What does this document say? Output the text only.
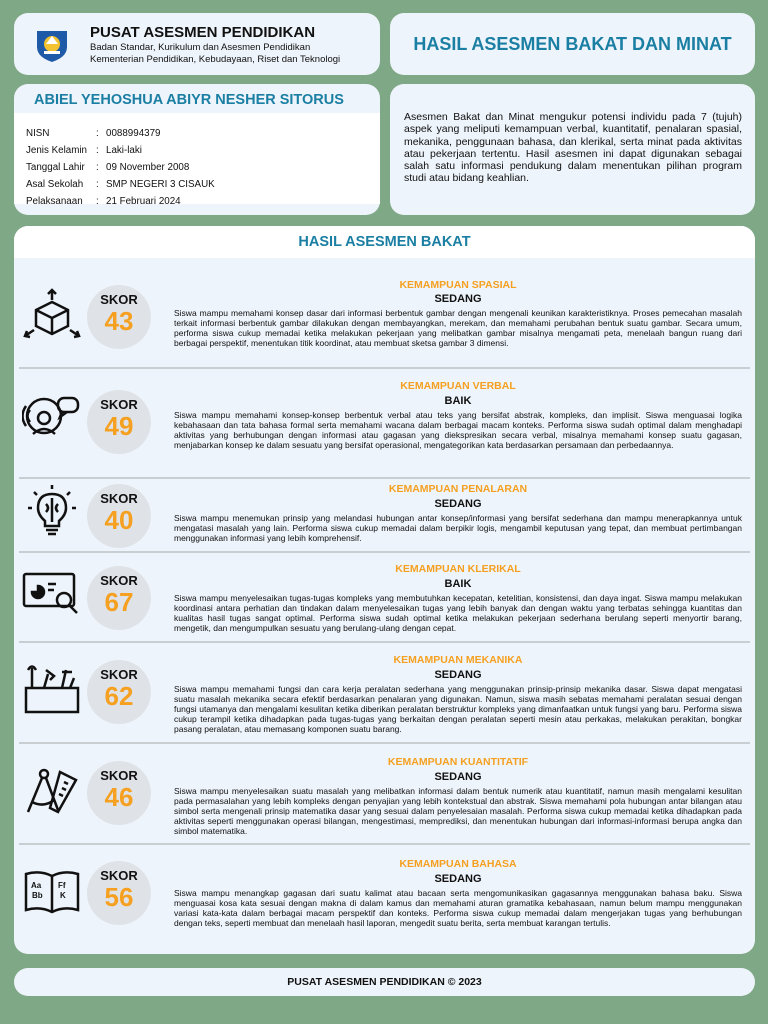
PUSAT ASESMEN PENDIDIKAN
Badan Standar, Kurikulum dan Asesmen Pendidikan
Kementerian Pendidikan, Kebudayaan, Riset dan Teknologi
HASIL ASESMEN BAKAT DAN MINAT
ABIEL YEHOSHUA ABIYR NESHER SITORUS
NISN	:	0088994379
Jenis Kelamin	:	Laki-laki
Tanggal Lahir	:	09 November 2008
Asal Sekolah	:	SMP NEGERI 3 CISAUK
Pelaksanaan	:	21 Februari 2024

Asesmen Bakat dan Minat mengukur potensi individu pada 7 (tujuh) aspek yang meliputi kemampuan verbal, kuantitatif, penalaran spasial, mekanika, penggunaan bahasa, dan klerikal, serta minat pada aktivitas atau pekerjaan tertentu. Hasil asesmen ini dapat digunakan sebagai salah satu informasi pendukung dalam menentukan pilihan program studi atau bidang keahlian.

HASIL ASESMEN BAKAT
SKOR
43
KEMAMPUAN SPASIAL
SEDANG
Siswa mampu memahami konsep dasar dari informasi berbentuk gambar dengan mengenali keunikan karakteristiknya. Proses pemecahan masalah terkait informasi berbentuk gambar dilakukan dengan membayangkan, merekam, dan memahami perubahan bentuk suatu gambar. Secara umum, performa siswa cukup memadai ketika melakukan pekerjaan yang melibatkan gambar misalnya mengamati peta, menelaah bangun ruang dari berbagai perspektif, menentukan titik koordinat, atau membuat sketsa gambar 3 dimensi.
SKOR
49
KEMAMPUAN VERBAL
BAIK
Siswa mampu memahami konsep-konsep berbentuk verbal atau teks yang bersifat abstrak, kompleks, dan implisit. Siswa menguasai logika kebahasaan dan tata bahasa formal serta memahami wacana dalam berbagai macam konteks. Performa siswa sudah optimal dalam menghadapi aktivitas yang berhubungan dengan informasi atau gagasan yang diekspresikan secara verbal, misalnya memahami konsep suatu gagasan, menjabarkan konsep ke dalam sesuatu yang bersifat operasional, mengategorikan kata berdasarkan persamaan dan perbedaannya.
SKOR
40
KEMAMPUAN PENALARAN
SEDANG
Siswa mampu menemukan prinsip yang melandasi hubungan antar konsep/informasi yang bersifat sederhana dan mampu menerapkannya untuk mengatasi masalah yang lain. Performa siswa cukup memadai dalam berpikir logis, mengambil keputusan yang tepat, dan membuat pertimbangan menggunakan informasi yang lebih komprehensif.
SKOR
67
KEMAMPUAN KLERIKAL
BAIK
Siswa mampu menyelesaikan tugas-tugas kompleks yang membutuhkan kecepatan, ketelitian, konsistensi, dan daya ingat. Siswa mampu melakukan koordinasi antara perhatian dan tindakan dalam menyelesaikan tugas yang lebih banyak dan dengan waktu yang terbatas sehingga kuantitas dan kualitas hasil tugas sangat optimal. Performa siswa sudah optimal ketika melakukan pekerjaan sederhana berulang seperti menyortir barang, mengetik, dan mengumpulkan sesuatu yang berulang-ulang dengan cepat.
SKOR
62
KEMAMPUAN MEKANIKA
SEDANG
Siswa mampu memahami fungsi dan cara kerja peralatan sederhana yang menggunakan prinsip-prinsip mekanika dasar. Siswa dapat mengatasi suatu masalah mekanika secara efektif berdasarkan penalaran yang digunakan. Namun, siswa masih sebatas memahami peralatan sesuai dengan fungsi utamanya dan mengalami kesulitan ketika diberikan peralatan berstruktur kompleks yang dimanfaatkan untuk fungsi yang baru. Performa siswa cukup terampil ketika dihadapkan pada tugas-tugas yang berkaitan dengan peralatan seperti mesin atau perkakas, melakukan perakitan, bongkar pasang peralatan, atau memasang komponen suatu barang.
SKOR
46
KEMAMPUAN KUANTITATIF
SEDANG
Siswa mampu menyelesaikan suatu masalah yang melibatkan informasi dalam bentuk numerik atau kuantitatif, namun masih mengalami kesulitan pada permasalahan yang lebih kompleks dengan penyajian yang lebih kontekstual dan abstrak. Siswa memahami pola hubungan antar bilangan atau simbol serta mengenali prinsip matematika dasar yang sesuai dalam penyelesaian masalah. Performa siswa cukup memadai ketika dihadapkan pada aktivitas seperti menggunakan operasi bilangan, mengestimasi, memprediksi, dan menentukan hubungan dari informasi-informasi berupa angka dan simbol matematika.
Aa
Bb
Ff
K
SKOR
56
KEMAMPUAN BAHASA
SEDANG
Siswa mampu menangkap gagasan dari suatu kalimat atau bacaan serta mengomunikasikan gagasannya menggunakan bahasa baku. Siswa menguasai kosa kata sesuai dengan makna di dalam kamus dan memahami aturan gramatika kebahasaan, namun belum mampu menggunakan variasi kata-kata dalam berbagai macam perspektif dan konteks. Performa siswa cukup memadai dalam mengerjakan tugas yang berhubungan dengan teks, seperti membuat dan menelaah hasil laporan, mengedit suatu berita, serta membuat karangan tertulis.
PUSAT ASESMEN PENDIDIKAN © 2023
